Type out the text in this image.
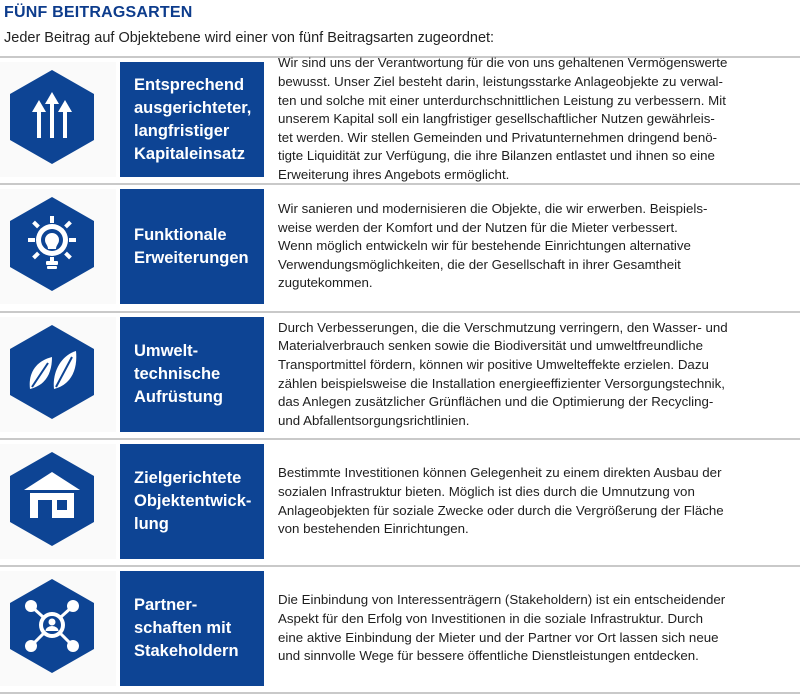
FÜNF BEITRAGSARTEN

Jeder Beitrag auf Objektebene wird einer von fünf Beitragsarten zugeordnet:

Entsprechend
ausgerichteter,
langfristiger
Kapitaleinsatz
Wir sind uns der Verantwortung für die von uns gehaltenen Vermögenswerte
bewusst. Unser Ziel besteht darin, leistungsstarke Anlageobjekte zu verwal-
ten und solche mit einer unterdurchschnittlichen Leistung zu verbessern. Mit
unserem Kapital soll ein langfristiger gesellschaftlicher Nutzen gewährleis-
tet werden. Wir stellen Gemeinden und Privatunternehmen dringend benö-
tigte Liquidität zur Verfügung, die ihre Bilanzen entlastet und ihnen so eine
Erweiterung ihres Angebots ermöglicht.
Funktionale
Erweiterungen
Wir sanieren und modernisieren die Objekte, die wir erwerben. Beispiels-
weise werden der Komfort und der Nutzen für die Mieter verbessert.
Wenn möglich entwickeln wir für bestehende Einrichtungen alternative
Verwendungsmöglichkeiten, die der Gesellschaft in ihrer Gesamtheit
zugutekommen.
Umwelt-
technische
Aufrüstung
Durch Verbesserungen, die die Verschmutzung verringern, den Wasser- und
Materialverbrauch senken sowie die Biodiversität und umweltfreundliche
Transportmittel fördern, können wir positive Umwelteffekte erzielen. Dazu
zählen beispielsweise die Installation energieeffizienter Versorgungstechnik,
das Anlegen zusätzlicher Grünflächen und die Optimierung der Recycling-
und Abfallentsorgungsrichtlinien.
Zielgerichtete
Objektentwick-
lung
Bestimmte Investitionen können Gelegenheit zu einem direkten Ausbau der
sozialen Infrastruktur bieten. Möglich ist dies durch die Umnutzung von
Anlageobjekten für soziale Zwecke oder durch die Vergrößerung der Fläche
von bestehenden Einrichtungen.
Partner-
schaften mit
Stakeholdern
Die Einbindung von Interessenträgern (Stakeholdern) ist ein entscheidender
Aspekt für den Erfolg von Investitionen in die soziale Infrastruktur. Durch
eine aktive Einbindung der Mieter und der Partner vor Ort lassen sich neue
und sinnvolle Wege für bessere öffentliche Dienstleistungen entdecken.
